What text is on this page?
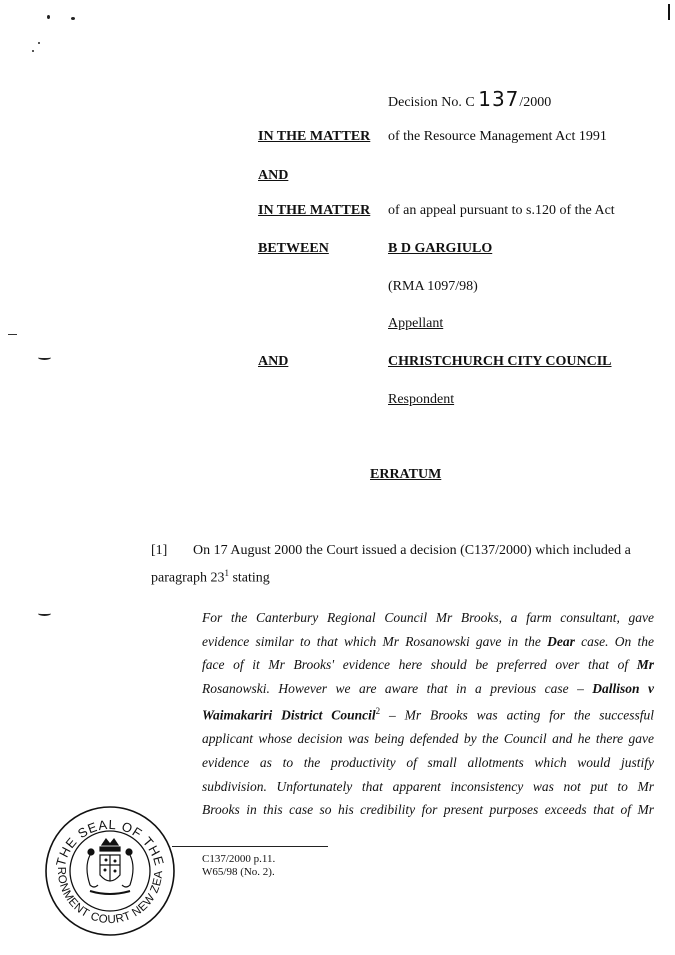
Decision No. C 137/2000
IN THE MATTER of the Resource Management Act 1991
AND
IN THE MATTER of an appeal pursuant to s.120 of the Act
BETWEEN	B D GARGIULO
(RMA 1097/98)
Appellant
AND	CHRISTCHURCH CITY COUNCIL
Respondent
ERRATUM
[1] On 17 August 2000 the Court issued a decision (C137/2000) which included a
paragraph 23$^1$ stating
For the Canterbury Regional Council Mr Brooks, a farm consultant, gave
evidence similar to that which Mr Rosanowski gave in the Dear case. On the
face of it Mr Brooks' evidence here should be preferred over that of Mr
Rosanowski. However we are aware that in a previous case – Dallison v
Waimakariri District Council$^2$ – Mr Brooks was acting for the successful
applicant whose decision was being defended by the Council and he there gave
evidence as to the productivity of small allotments which would justify
subdivision. Unfortunately that apparent inconsistency was not put to Mr
Brooks in this case so his credibility for present purposes exceeds that of Mr
C137/2000 p.11.
W65/98 (No. 2).
THE SEAL OF THE
RONMENT COURT NEW ZEA
